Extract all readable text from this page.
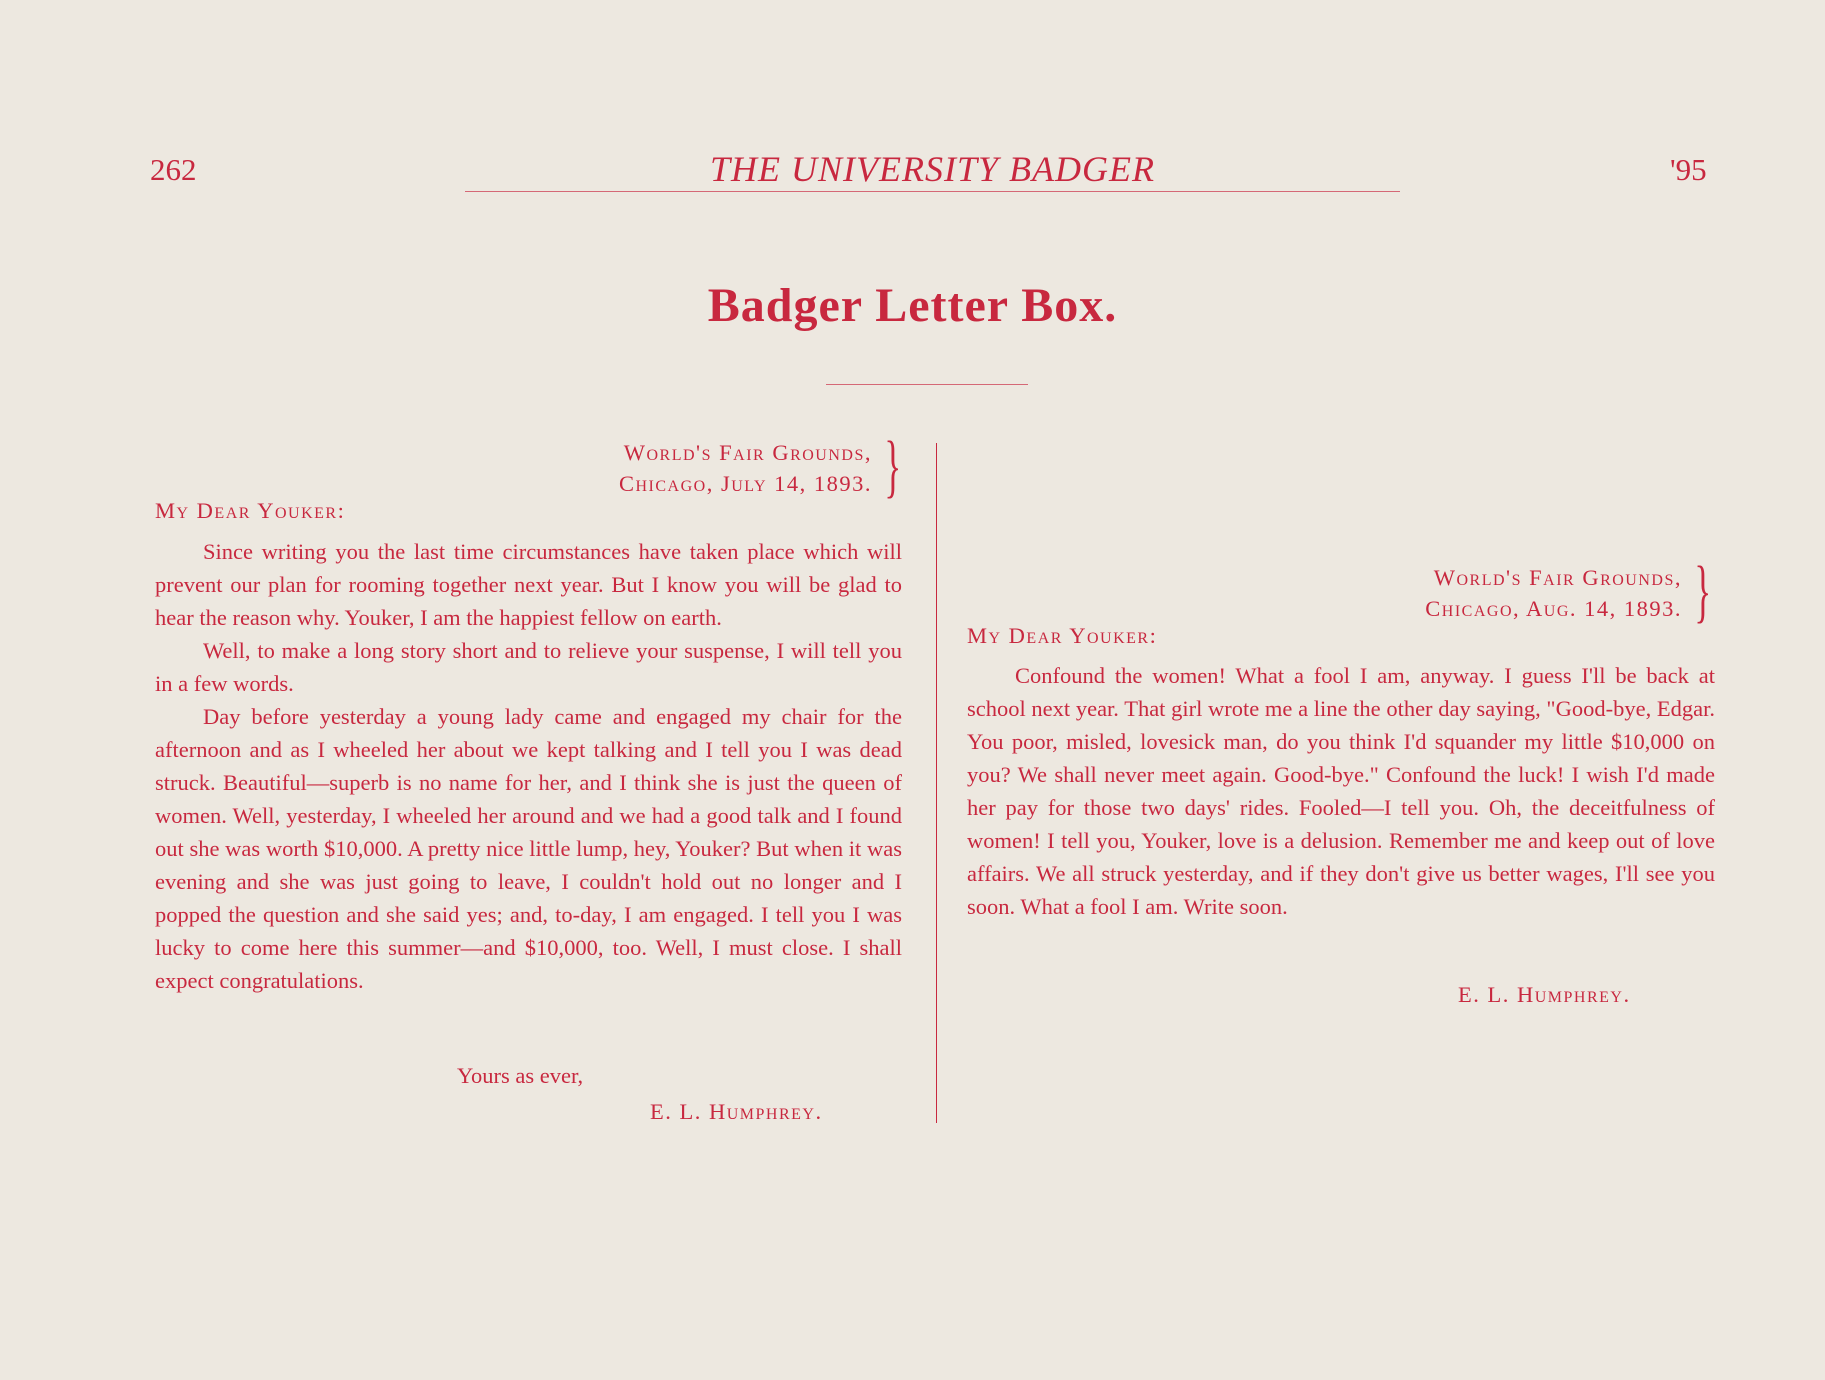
262	THE UNIVERSITY BADGER	'95
Badger Letter Box.
World's Fair Grounds,
Chicago, July 14, 1893. }
My Dear Youker:

Since writing you the last time circumstances have taken place which will prevent our plan for rooming together next year. But I know you will be glad to hear the reason why. Youker, I am the happiest fellow on earth.

Well, to make a long story short and to relieve your suspense, I will tell you in a few words.

Day before yesterday a young lady came and engaged my chair for the afternoon and as I wheeled her about we kept talking and I tell you I was dead struck. Beautiful—superb is no name for her, and I think she is just the queen of women. Well, yesterday, I wheeled her around and we had a good talk and I found out she was worth $10,000. A pretty nice little lump, hey, Youker? But when it was evening and she was just going to leave, I couldn't hold out no longer and I popped the question and she said yes; and, to-day, I am engaged. I tell you I was lucky to come here this summer—and $10,000, too. Well, I must close. I shall expect congratulations.

Yours as ever,
E. L. Humphrey.
World's Fair Grounds,
Chicago, Aug. 14, 1893. }
My Dear Youker:

Confound the women! What a fool I am, anyway. I guess I'll be back at school next year. That girl wrote me a line the other day saying, "Good-bye, Edgar. You poor, misled, lovesick man, do you think I'd squander my little $10,000 on you? We shall never meet again. Good-bye." Confound the luck! I wish I'd made her pay for those two days' rides. Fooled—I tell you. Oh, the deceitfulness of women! I tell you, Youker, love is a delusion. Remember me and keep out of love affairs. We all struck yesterday, and if they don't give us better wages, I'll see you soon. What a fool I am. Write soon.

E. L. Humphrey.
